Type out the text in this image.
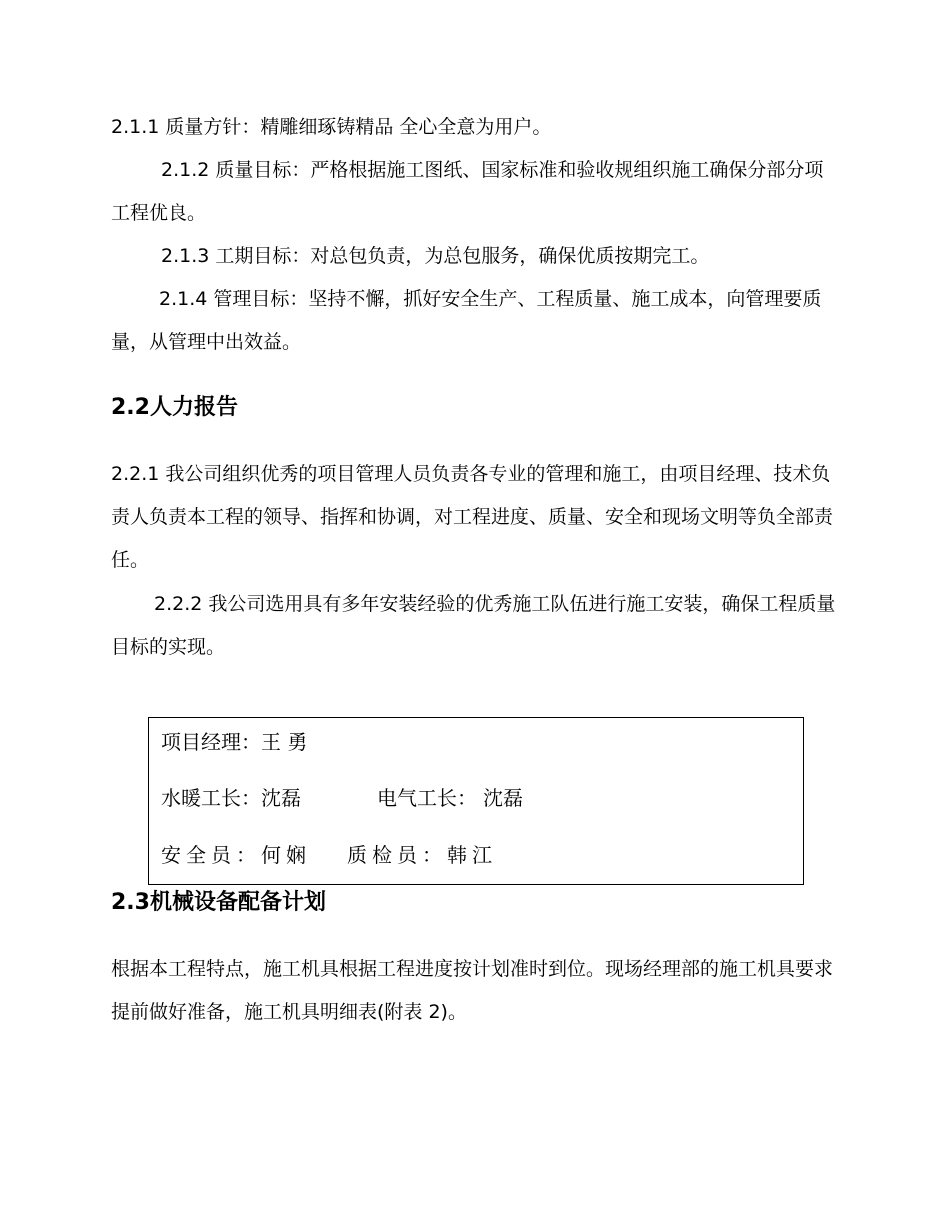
2.1.1 质量方针：精雕细琢铸精品 全心全意为用户。

2.1.2 质量目标：严格根据施工图纸、国家标准和验收规组织施工确保分部分项工程优良。

2.1.3 工期目标：对总包负责，为总包服务，确保优质按期完工。

2.1.4 管理目标：坚持不懈，抓好安全生产、工程质量、施工成本，向管理要质量，从管理中出效益。

2.2人力报告

2.2.1 我公司组织优秀的项目管理人员负责各专业的管理和施工，由项目经理、技术负责人负责本工程的领导、指挥和协调，对工程进度、质量、安全和现场文明等负全部责任。

2.2.2 我公司选用具有多年安装经验的优秀施工队伍进行施工安装，确保工程质量目标的实现。

项目经理：王 勇
水暖工长：沈磊	电气工长： 沈磊
安全员：何娴 质检员：韩江
2.3机械设备配备计划

根据本工程特点，施工机具根据工程进度按计划准时到位。现场经理部的施工机具要求提前做好准备，施工机具明细表(附表 2)。
